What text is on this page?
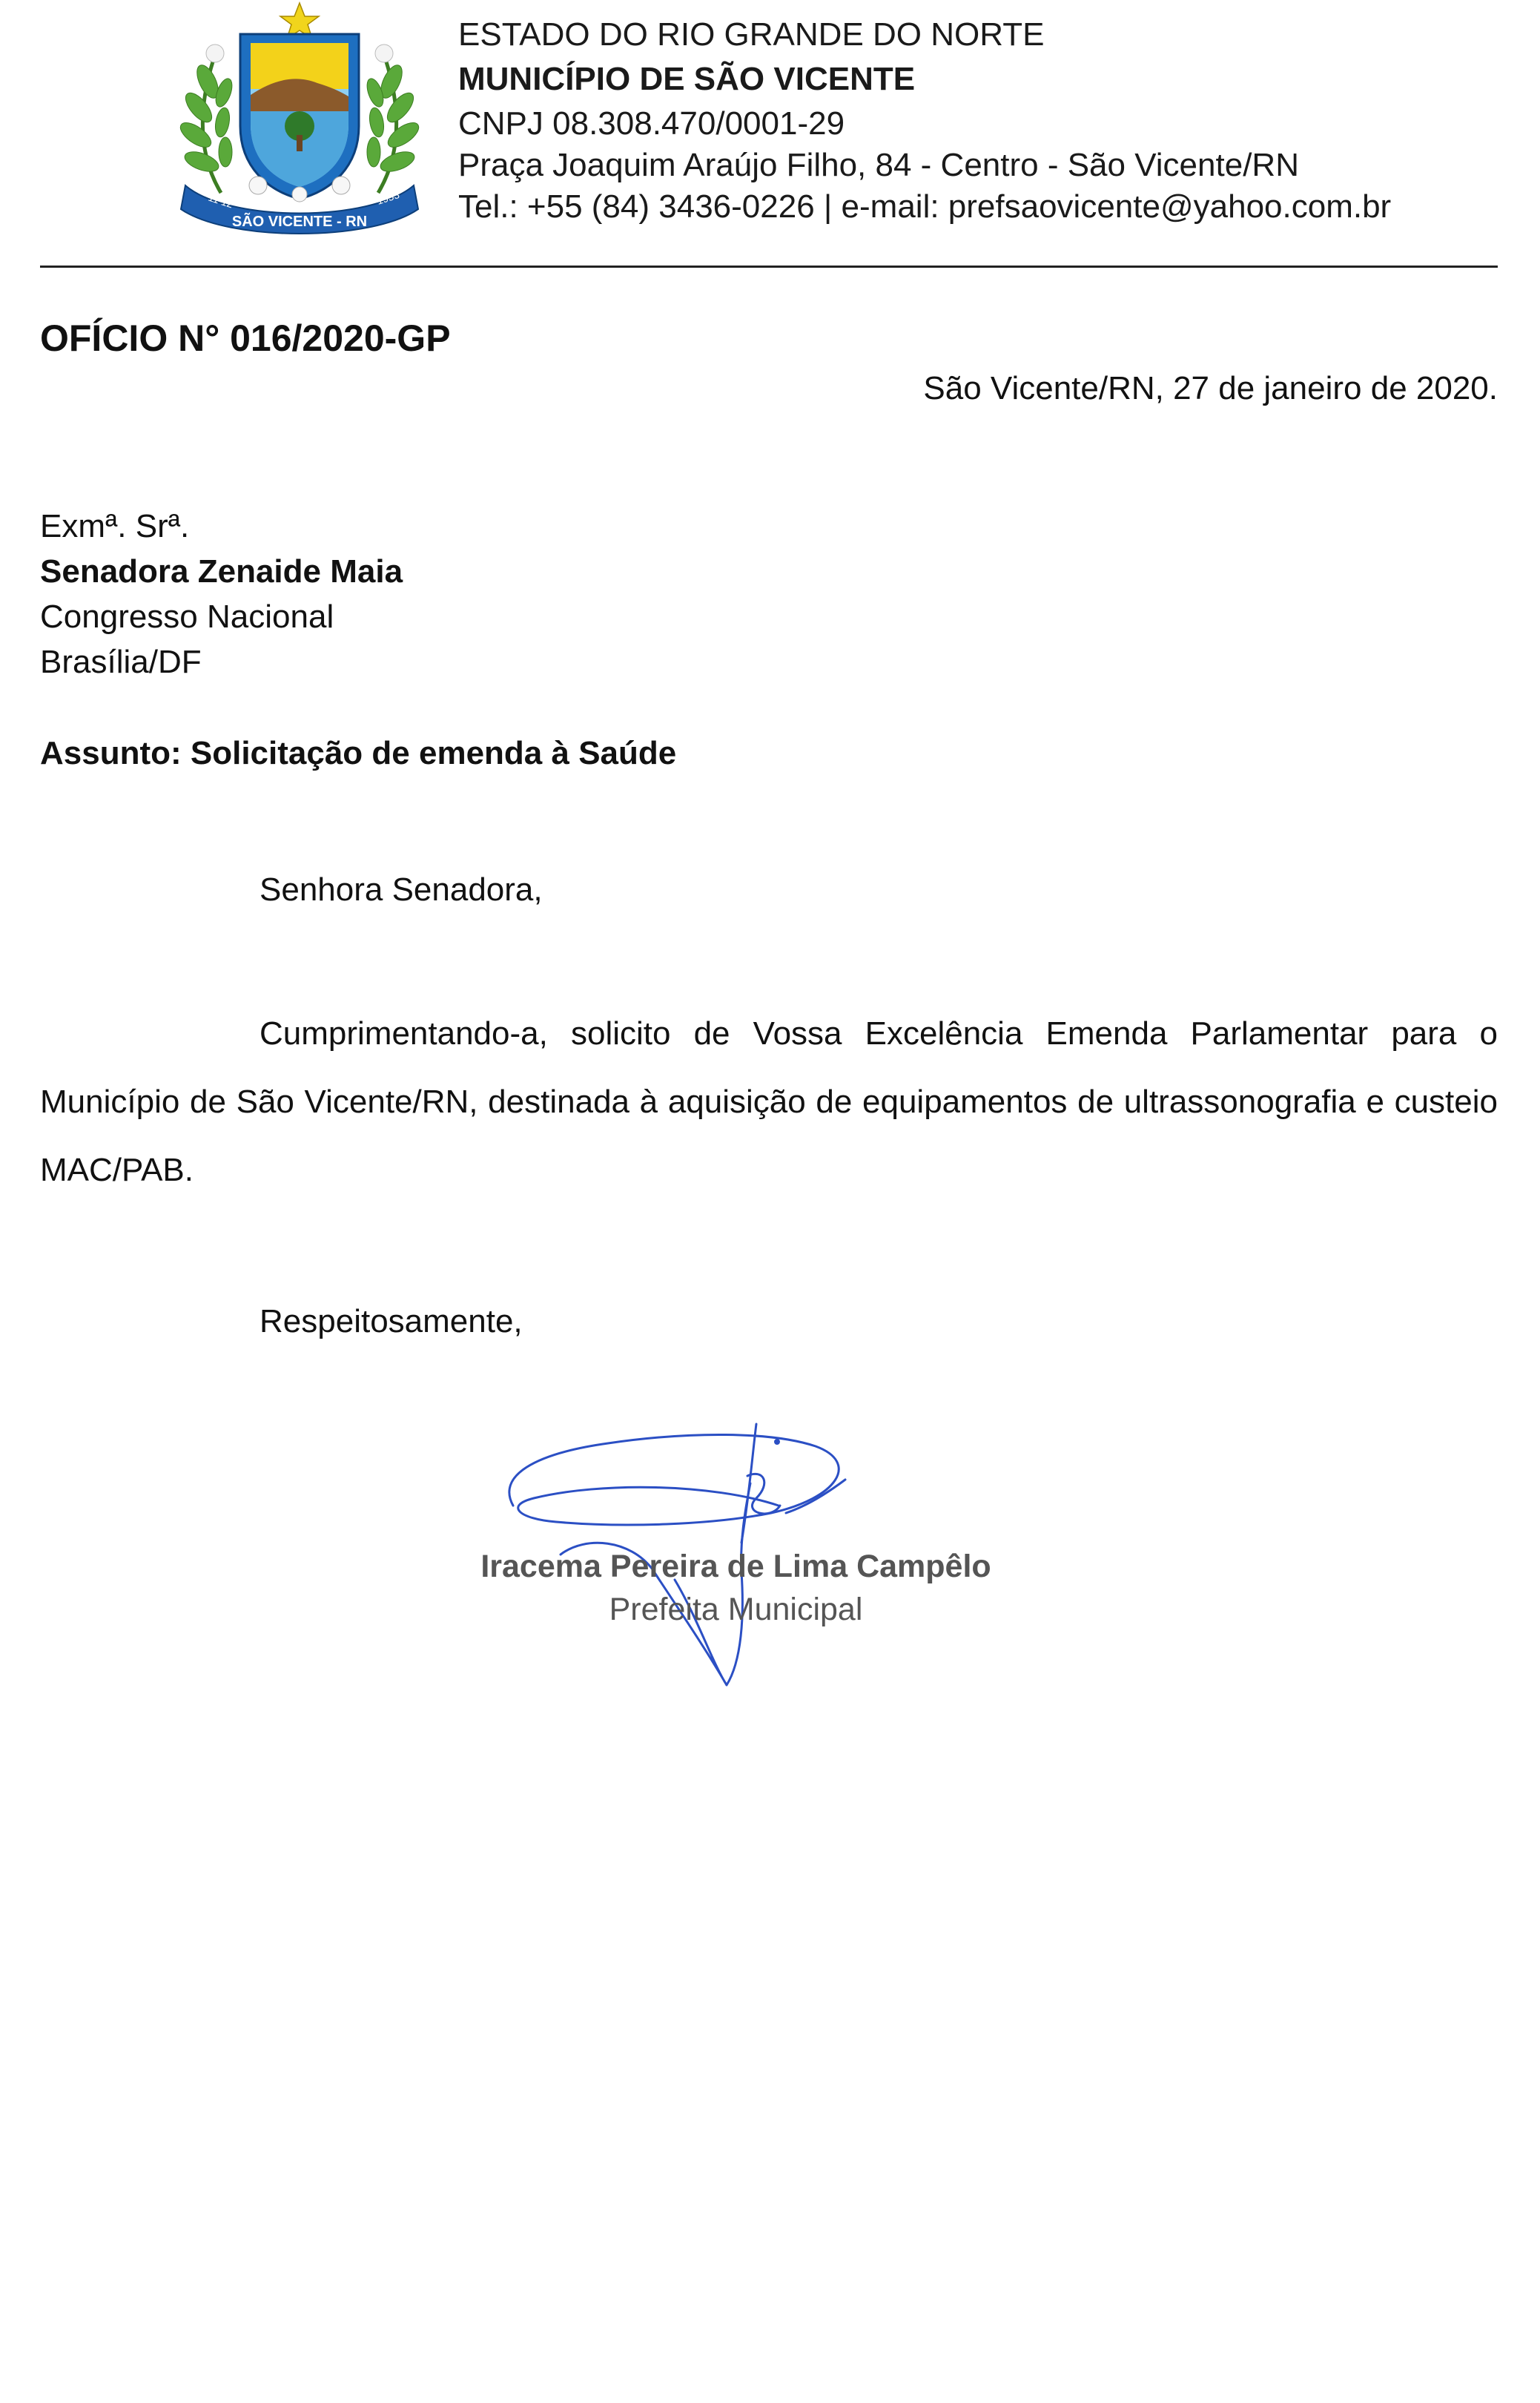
SÃO VICENTE - RN
11 12	1953
ESTADO DO RIO GRANDE DO NORTE
MUNICÍPIO DE SÃO VICENTE
CNPJ 08.308.470/0001-29
Praça Joaquim Araújo Filho, 84 - Centro - São Vicente/RN
Tel.: +55 (84) 3436-0226 | e-mail: prefsaovicente@yahoo.com.br
OFÍCIO N° 016/2020-GP
São Vicente/RN, 27 de janeiro de 2020.
Exmª. Srª.
Senadora Zenaide Maia
Congresso Nacional
Brasília/DF
Assunto: Solicitação de emenda à Saúde
Senhora Senadora,

Cumprimentando-a, solicito de Vossa Excelência Emenda Parlamentar para o Município de São Vicente/RN, destinada à aquisição de equipamentos de ultrassonografia e custeio MAC/PAB.

Respeitosamente,
Iracema Pereira de Lima Campêlo
Prefeita Municipal
